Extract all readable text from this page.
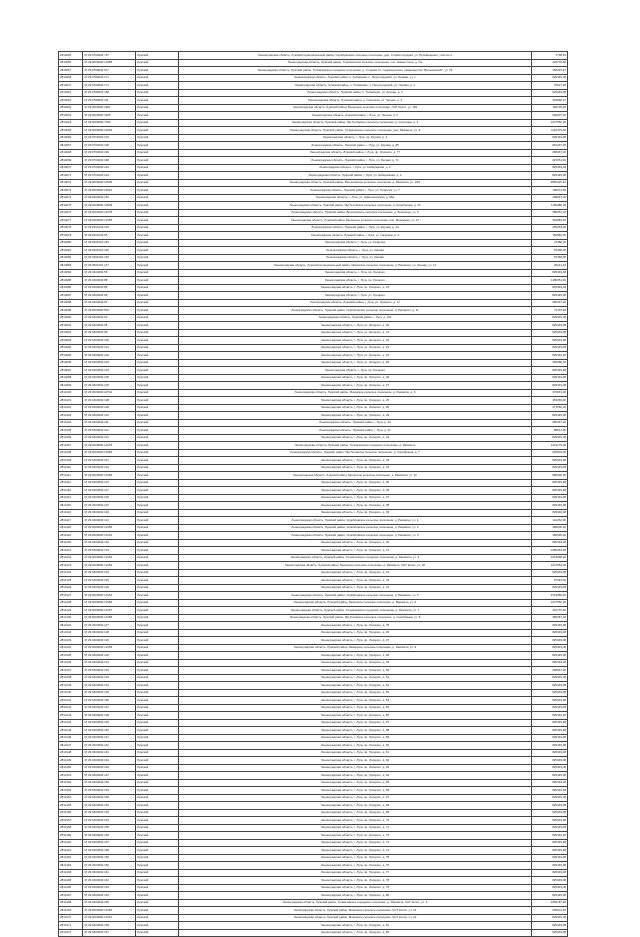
2814065	47:29:0703002:747	Лужский	Ленинградская область, Лужский муниципальный район, Серебрянское сельское поселение, дер. Старая Середка, ул. Просвещения, участок 4	7738,93
2814055	47:29:0000000:13385	Лужский	Ленинградская область, Лужский район, Торковичское сельское поселение, пос. Новые Сели, д. б/н	225778,68
2814057	47:29:0780002:517	Лужский	Ленинградская область, Лужский район, Толмачевское городское поселение, д. Старова с/т, садоводческое товарищество "Вольнинский", уч. 79	150224,67
2814068	47:29:0780002:171	Лужский	Ленинградская область, Лужский район, п. Толмачево, п. Петроградский, ул. Первая, уч. 1	625449,08
2814070	47:29:0780002:171	Лужский	Ленинградская область, Лужский район, п. Толмачево, п. Петроградский, ул. Первая, д. 2	97627,38
2814081	47:29:0780002:180	Лужский	Ленинградская область, Лужский район, п. Толмачево, ул. Лесная, д. 3	625449,08
2814061	47:29:0780002:111	Лужский	Ленинградская область, Лужский район, д. Сорочина, ул. Лесная, д. 3	345868,07
2814062	47:29:0000000:3601	Лужский	Ленинградская область, Лужский район, Мшинское сельское поселение, СНТ Колос, уч. 119	165136,09
2814063	47:29:0000000:4105	Лужский	Ленинградская область, Лужский район, г. Луга, ул. Лесная, д. 2	260607,00
2814064	47:29:0000000:7330	Лужский	Ленинградская область, Лужский район, Ям-Тесовское сельское поселение, д. Сорочина, д. 3	1037552,00
2814065	47:29:0000000:13334	Лужский	Ленинградская область, Лужский район, Толмачевское сельское поселение, дер. Раковичи, уч. 9	1116475,00
2814066	47:29:0704002:103	Лужский	Ленинградская область, г. Луга, пр. Кирова, д. 1	825449,08
2814067	47:29:0704002:190	Лужский	Ленинградская область, Лужский район, г. Луга, ул. Кирова, д. 65	816497,25
2814068	47:29:0704002:196	Лужский	Ленинградская область, Лужский район, г. Луга, пр. Урицкого, д. 77	298067,00
2814069	47:29:0704002:198	Лужский	Ленинградская область, Лужский район, г. Луга, ул. Лесная, д. 71	215051,00
2814070	47:29:0704002:223	Лужский	Ленинградская область, г. Луга, ул. Набережная, д. 2	825449,08
2814071	47:29:0704002:224	Лужский	Ленинградская область, Лужский район, г. Луга, ул. Набережная, д. 4	825449,08
2814072	47:29:0000000:10509	Лужский	Ленинградская область, Лужский район, Волошовское сельское поселение, д. Раковичи, уч. 18/1	9560325,92
2814073	47:29:0000000:10510	Лужский	Ленинградская область, Лужский район, г. Луга, ул. Гагарина, уч. 7	196974,66
2814074	47:29:0303002:151	Лужский	Ленинградская область, г. Луга, ул. Нижегородская, д. 65а	298067,00
2814075	47:29:0000000:13549	Лужский	Ленинградская область, Лужский район, Ям-Тесовское сельское поселение, д. Серебрянка, д. 12	1190986,00
2814076	47:29:0000000:13178	Лужский	Ленинградская область, Лужский район, Волошовское сельское поселение, д. Березицы, уч. 5	380057,18
2814077	47:29:0000000:13155	Лужский	Ленинградская область, Лужский район, Мшинское сельское поселение, пос. Мшинская, уч. 27	362883,00
2814078	47:29:0301002:145	Лужский	Ленинградская область, Лужский район, г. Луга, ул. Кирова, д. 14	235053,00
2814079	47:29:0301002:55	Лужский	Ленинградская область, Лужский район, г. Луга, ул. Гагарина, д. 3	150882,00
2814080	47:29:0301002:181	Лужский	Ленинградская область, г. Луга, ул. Гагарина	37468,00
2814081	47:29:0301002:145	Лужский	Ленинградская область, г. Луга, ул. Кирова	87468,08
2814082	47:29:0301002:145	Лужский	Ленинградская область, г. Луга, ул. Кирова	87468,08
2814083	47:29:0501002:217	Лужский	Ленинградская область, Лужский муниципальный район, Мшинское сельское поселение, д. Раковичи, ул. Лесная, уч. 11	30221,03
2814084	47:29:0403002:55	Лужский	Ленинградская область, г. Луга, пр. Урицкого	825449,08
2814085	47:29:0403002:88	Лужский	Ленинградская область, г. Луга, пр. Урицкого	1180651,00
2814086	47:29:0403002:88	Лужский	Ленинградская область, г. Луга, пр. Урицкого, д. 15	825449,08
2814087	47:29:0403002:89	Лужский	Ленинградская область, г. Луга, ул. Урицкого	825449,08
2814088	47:29:0403002:81	Лужский	Ленинградская область, Лужский район, г. Луга, ул. Урицкого, д. 17	280167,00
2814089	47:29:0000000:501	Лужский	Ленинградская область, Лужский район, Скребловское сельское поселение, д. Раковичи, д. 11	71749,00
2814090	47:29:0403002:93	Лужский	Ленинградская область, Лужский район, г. Луга, д. 101	825449,08
2814091	47:29:0403002:98	Лужский	Ленинградская область, г. Луга, ул. Урицкого, д. 20	825449,08
2814092	47:29:0403002:99	Лужский	Ленинградская область, г. Луга, ул. Урицкого, д. 21	825449,08
2814093	47:29:0403002:100	Лужский	Ленинградская область, г. Луга, ул. Урицкого, д. 22	825449,08
2814094	47:29:0403002:101	Лужский	Ленинградская область, г. Луга, ул. Урицкого, д. 23	825449,08
2814095	47:29:0403002:102	Лужский	Ленинградская область, г. Луга, ул. Урицкого, д. 24	825449,08
2814096	47:29:0403002:103	Лужский	Ленинградская область, г. Луга, ул. Урицкого, д. 25	300689,00
2814097	47:29:0403002:104	Лужский	Ленинградская область, г. Луга, пр. Урицкого	825449,08
2814098	47:29:0403002:105	Лужский	Ленинградская область, г. Луга, пр. Урицкого, д. 26	825449,08
2814099	47:29:0403002:106	Лужский	Ленинградская область, г. Луга, пр. Урицкого, д. 27	825449,08
2814100	47:29:0000000:10744	Лужский	Ленинградская область, Лужский район, Мшинское сельское поселение, д. Раковичи, д. 5	370843,00
2814101	47:29:0403002:108	Лужский	Ленинградская область, г. Луга, пр. Урицкого, д. 25	153069,00
2814102	47:29:0403002:109	Лужский	Ленинградская область, г. Луга, пр. Урицкого, д. 28	271550,00
2814103	47:29:0403002:110	Лужский	Ленинградская область, г. Луга, пр. Урицкого, д. 29	825449,08
2814104	47:29:0403002:111	Лужский	Ленинградская область, Лужский район, г. Луга, д. 30	280367,00
2814105	47:29:0403002:112	Лужский	Ленинградская область, Лужский район, г. Луга, д. 31	89512,00
2814106	47:29:0403002:113	Лужский	Ленинградская область, г. Луга, пр. Урицкого, д. 32	825449,08
2814107	47:29:0000000:13179	Лужский	Ленинградская область, Лужский район, Толмачевское городское поселение, д. Раковичи	1219775,00
2814108	47:29:0000000:13365	Лужский	Ленинградская область, Лужский район, Ям-Тесовское сельское поселение, д. Серебрянка, д. 7	226803,00
2814109	47:29:0403002:114	Лужский	Ленинградская область, г. Луга, пр. Урицкого, д. 33	825449,08
2814110	47:29:0403002:115	Лужский	Ленинградская область, г. Луга, пр. Урицкого, д. 34	825449,08
2814111	47:29:0000000:13180	Лужский	Ленинградская область, Лужский район, Мшинское сельское поселение, д. Раковичи, уч. 12	586300,00
2814112	47:29:0403002:116	Лужский	Ленинградская область, г. Луга, пр. Урицкого, д. 35	825449,08
2814113	47:29:0403002:117	Лужский	Ленинградская область, г. Луга, пр. Урицкого, д. 36	825449,08
2814114	47:29:0403002:118	Лужский	Ленинградская область, г. Луга, пр. Урицкого, д. 37	825449,08
2814115	47:29:0403002:119	Лужский	Ленинградская область, г. Луга, пр. Урицкого, д. 38	825449,08
2814116	47:29:0403002:120	Лужский	Ленинградская область, г. Луга, пр. Урицкого, д. 39	825449,08
2814117	47:29:0403002:121	Лужский	Ленинградская область, Лужский район, Скребловское сельское поселение, д. Раковичи, уч. 1	141262,00
2814118	47:29:0000000:13150	Лужский	Ленинградская область, Лужский район, Скребловское сельское поселение, д. Раковичи, уч. 2	489006,00
2814119	47:29:0000000:13151	Лужский	Ленинградская область, Лужский район, Скребловское сельское поселение, д. Раковичи, уч. 3	450536,00
2814120	47:29:0403002:122	Лужский	Ленинградская область, г. Луга, пр. Урицкого, д. 40	825449,08
2814121	47:29:0403002:123	Лужский	Ленинградская область, г. Луга, пр. Урицкого, д. 41	1085083,00
2814122	47:29:0000000:13152	Лужский	Ленинградская область, Лужский район, Толмачевское городское поселение, д. Раковичи, уч. 4	3219088,00
2814123	47:29:0000000:13153	Лужский	Ленинградская область, Лужский район, Мшинское сельское поселение, д. Раковичи, СНТ Колос, уч. 20	1037552,00
2814124	47:29:0403002:124	Лужский	Ленинградская область, г. Луга, пр. Урицкого, д. 42	825449,08
2814125	47:29:0403002:125	Лужский	Ленинградская область, г. Луга, пр. Урицкого, д. 43	97021,00
2814126	47:29:0403002:126	Лужский	Ленинградская область, г. Луга, пр. Урицкого, д. 44	825449,08
2814127	47:29:0000000:13154	Лужский	Ленинградская область, Лужский район, Скребловское сельское поселение, д. Раковичи, уч. 5	3719089,00
2814128	47:29:0000000:13156	Лужский	Ленинградская область, Лужский район, Мшинское сельское поселение, д. Раковичи, уч. 6	1037552,00
2814129	47:29:0000000:13157	Лужский	Ленинградская область, Лужский район, Толмачевское городское поселение, д. Раковичи, уч. 7	291770,00
2814130	47:29:0000000:13158	Лужский	Ленинградская область, Лужский район, Ям-Тесовское сельское поселение, д. Серебрянка, уч. 8	380057,18
2814131	47:29:0403002:127	Лужский	Ленинградская область, г. Луга, пр. Урицкого, д. 45	825449,08
2814132	47:29:0403002:128	Лужский	Ленинградская область, г. Луга, пр. Урицкого, д. 46	825449,08
2814133	47:29:0403002:129	Лужский	Ленинградская область, г. Луга, пр. Урицкого, д. 47	825449,08
2814134	47:29:0000000:13159	Лужский	Ленинградская область, Лужский район, Мшинское сельское поселение, д. Раковичи, уч. 9	825449,08
2814135	47:29:0403002:130	Лужский	Ленинградская область, г. Луга, пр. Урицкого, д. 48	825449,08
2814136	47:29:0403002:131	Лужский	Ленинградская область, г. Луга, пр. Урицкого, д. 49	825449,08
2814137	47:29:0403002:132	Лужский	Ленинградская область, г. Луга, пр. Урицкого, д. 50	298067,00
2814138	47:29:0403002:133	Лужский	Ленинградская область, г. Луга, пр. Урицкого, д. 51	825449,08
2814139	47:29:0403002:134	Лужский	Ленинградская область, г. Луга, пр. Урицкого, д. 52	825449,08
2814140	47:29:0403002:135	Лужский	Ленинградская область, г. Луга, пр. Урицкого, д. 53	825449,08
2814141	47:29:0403002:136	Лужский	Ленинградская область, г. Луга, пр. Урицкого, д. 54	825449,08
2814142	47:29:0403002:137	Лужский	Ленинградская область, г. Луга, пр. Урицкого, д. 55	825449,08
2814143	47:29:0403002:138	Лужский	Ленинградская область, г. Луга, пр. Урицкого, д. 56	825449,08
2814144	47:29:0403002:139	Лужский	Ленинградская область, г. Луга, пр. Урицкого, д. 57	825449,08
2814145	47:29:0403002:140	Лужский	Ленинградская область, г. Луга, пр. Урицкого, д. 58	825449,08
2814146	47:29:0403002:141	Лужский	Ленинградская область, г. Луга, пр. Урицкого, д. 59	825449,08
2814147	47:29:0403002:142	Лужский	Ленинградская область, г. Луга, пр. Урицкого, д. 60	825449,08
2814148	47:29:0403002:143	Лужский	Ленинградская область, г. Луга, пр. Урицкого, д. 61	825449,08
2814149	47:29:0403002:144	Лужский	Ленинградская область, г. Луга, пр. Урицкого, д. 62	825449,08
2814150	47:29:0403002:146	Лужский	Ленинградская область, г. Луга, пр. Урицкого, д. 63	825449,08
2814151	47:29:0403002:147	Лужский	Ленинградская область, г. Луга, пр. Урицкого, д. 64	825449,08
2814152	47:29:0403002:148	Лужский	Ленинградская область, г. Луга, пр. Урицкого, д. 65	825449,08
2814153	47:29:0403002:149	Лужский	Ленинградская область, г. Луга, пр. Урицкого, д. 66	825449,08
2814154	47:29:0403002:150	Лужский	Ленинградская область, г. Луга, пр. Урицкого, д. 67	825449,08
2814155	47:29:0403002:152	Лужский	Ленинградская область, г. Луга, пр. Урицкого, д. 68	825449,08
2814156	47:29:0403002:153	Лужский	Ленинградская область, г. Луга, пр. Урицкого, д. 69	825449,08
2814157	47:29:0403002:154	Лужский	Ленинградская область, г. Луга, пр. Урицкого, д. 70	825449,08
2814158	47:29:0403002:155	Лужский	Ленинградская область, г. Луга, пр. Урицкого, д. 71	825449,08
2814159	47:29:0403002:156	Лужский	Ленинградская область, г. Луга, пр. Урицкого, д. 72	825449,08
2814160	47:29:0403002:157	Лужский	Ленинградская область, г. Луга, пр. Урицкого, д. 73	825449,08
2814161	47:29:0403002:158	Лужский	Ленинградская область, г. Луга, пр. Урицкого, д. 74	825449,08
2814162	47:29:0403002:159	Лужский	Ленинградская область, г. Луга, пр. Урицкого, д. 75	825449,08
2814163	47:29:0403002:160	Лужский	Ленинградская область, г. Луга, пр. Урицкого, д. 76	825449,08
2814164	47:29:0403002:161	Лужский	Ленинградская область, г. Луга, пр. Урицкого, д. 77	825449,08
2814165	47:29:0403002:162	Лужский	Ленинградская область, г. Луга, пр. Урицкого, д. 78	825449,08
2814166	47:29:0403002:163	Лужский	Ленинградская область, г. Луга, пр. Урицкого, д. 79	825449,08
2814167	47:29:0403002:164	Лужский	Ленинградская область, г. Луга, пр. Урицкого, д. 80	825449,08
2814168	47:29:0403002:165	Лужский	Ленинградская область, Лужский район, Толмачевское городское поселение, д. Раковичи, СНТ Колос, уч. 3	1660187,00
2814169	47:29:0000000:13160	Лужский	Ленинградская область, Лужский район, Мшинское сельское поселение, СНТ Колос, уч. 21	235101,00
2814170	47:29:0000000:13161	Лужский	Ленинградская область, Лужский район, Мшинское сельское поселение, СНТ Колос, уч. 22	825449,08
2814171	47:29:0403002:166	Лужский	Ленинградская область, г. Луга, пр. Урицкого, д. 81	825449,08
2814172	47:29:0403002:167	Лужский	Ленинградская область, г. Луга, пр. Урицкого, д. 82	825449,08
